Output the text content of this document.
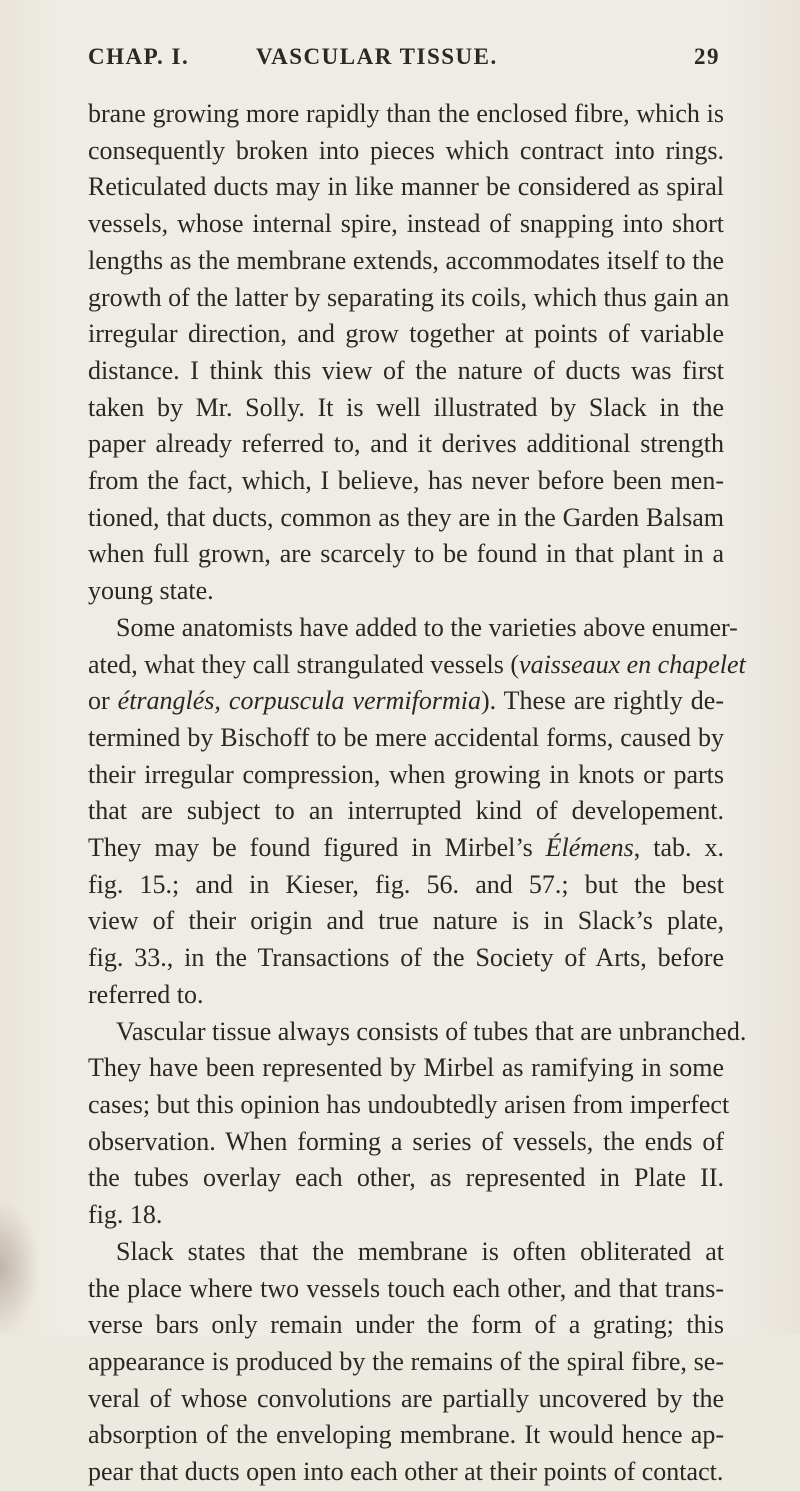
CHAP. I.	VASCULAR TISSUE.	29

brane growing more rapidly than the enclosed fibre, which is
consequently broken into pieces which contract into rings.
Reticulated ducts may in like manner be considered as spiral
vessels, whose internal spire, instead of snapping into short
lengths as the membrane extends, accommodates itself to the
growth of the latter by separating its coils, which thus gain an
irregular direction, and grow together at points of variable
distance. I think this view of the nature of ducts was first
taken by Mr. Solly. It is well illustrated by Slack in the
paper already referred to, and it derives additional strength
from the fact, which, I believe, has never before been men-
tioned, that ducts, common as they are in the Garden Balsam
when full grown, are scarcely to be found in that plant in a
young state.

Some anatomists have added to the varieties above enumer-
ated, what they call strangulated vessels (vaisseaux en chapelet
or étranglés, corpuscula vermiformia). These are rightly de-
termined by Bischoff to be mere accidental forms, caused by
their irregular compression, when growing in knots or parts
that are subject to an interrupted kind of developement.
They may be found figured in Mirbel’s Élémens, tab. x.
fig. 15.; and in Kieser, fig. 56. and 57.; but the best
view of their origin and true nature is in Slack’s plate,
fig. 33., in the Transactions of the Society of Arts, before
referred to.

Vascular tissue always consists of tubes that are unbranched.
They have been represented by Mirbel as ramifying in some
cases; but this opinion has undoubtedly arisen from imperfect
observation. When forming a series of vessels, the ends of
the tubes overlay each other, as represented in Plate II.
fig. 18.

Slack states that the membrane is often obliterated at
the place where two vessels touch each other, and that trans-
verse bars only remain under the form of a grating; this
appearance is produced by the remains of the spiral fibre, se-
veral of whose convolutions are partially uncovered by the
absorption of the enveloping membrane. It would hence ap-
pear that ducts open into each other at their points of contact.
